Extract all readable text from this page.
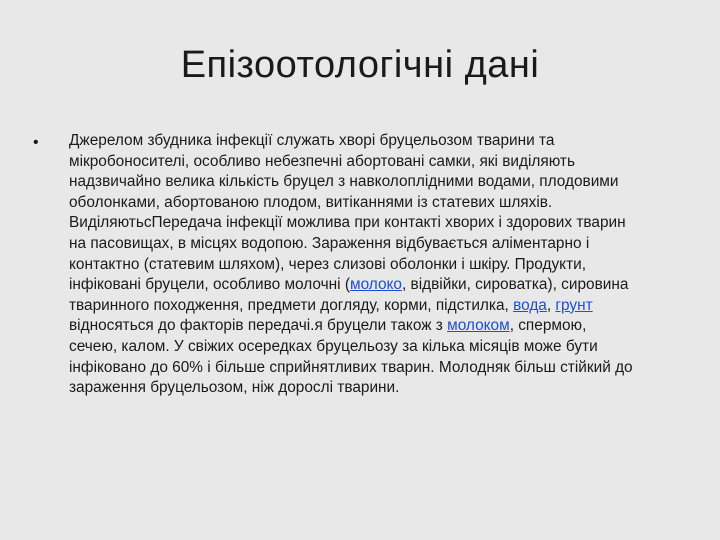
Епізоотологічні дані
• Джерелом збудника інфекції служать хворі бруцельозом тварини та
мікробоносителі, особливо небезпечні абортовані самки, які виділяють
надзвичайно велика кількість бруцел з навколоплідними водами, плодовими
оболонками, абортованою плодом, витіканнями із статевих шляхів.
ВиділяютьсПередача інфекції можлива при контакті хворих і здорових тварин
на пасовищах, в місцях водопою. Зараження відбувається аліментарно і
контактно (статевим шляхом), через слизові оболонки і шкіру. Продукти,
інфіковані бруцели, особливо молочні (молоко, відвійки, сироватка), сировина
тваринного походження, предмети догляду, корми, підстилка, вода, грунт
відносяться до факторів передачі.я бруцели також з молоком, спермою,
сечею, калом. У свіжих осередках бруцельозу за кілька місяців може бути
інфіковано до 60% і більше сприйнятливих тварин. Молодняк більш стійкий до
зараження бруцельозом, ніж дорослі тварини.
